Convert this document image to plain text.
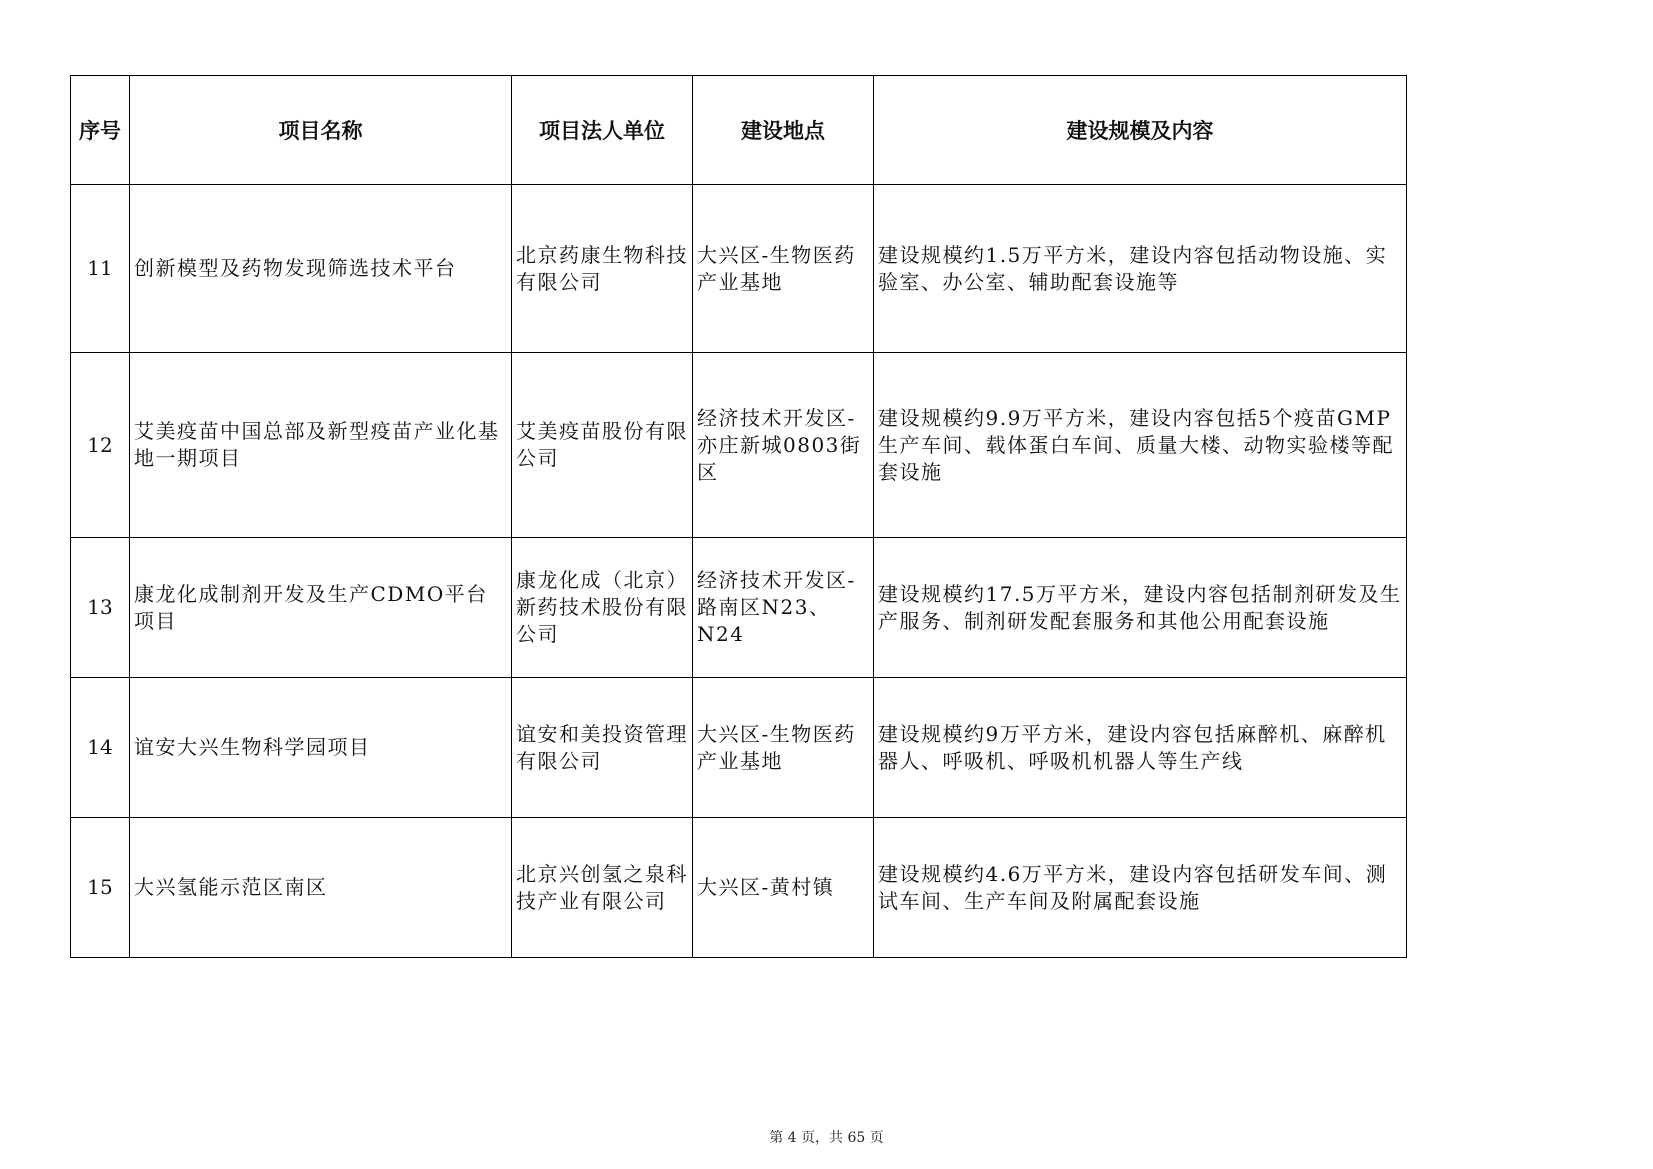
序号	项目名称	项目法人单位	建设地点	建设规模及内容
11	创新模型及药物发现筛选技术平台	北京药康生物科技有限公司	大兴区-生物医药产业基地	建设规模约1.5万平方米，建设内容包括动物设施、实验室、办公室、辅助配套设施等
12	艾美疫苗中国总部及新型疫苗产业化基地一期项目	艾美疫苗股份有限公司	经济技术开发区-亦庄新城0803街区	建设规模约9.9万平方米，建设内容包括5个疫苗GMP生产车间、载体蛋白车间、质量大楼、动物实验楼等配套设施
13	康龙化成制剂开发及生产CDMO平台项目	康龙化成（北京）新药技术股份有限公司	经济技术开发区-路南区N23、N24	建设规模约17.5万平方米，建设内容包括制剂研发及生产服务、制剂研发配套服务和其他公用配套设施
14	谊安大兴生物科学园项目	谊安和美投资管理有限公司	大兴区-生物医药产业基地	建设规模约9万平方米，建设内容包括麻醉机、麻醉机器人、呼吸机、呼吸机机器人等生产线
15	大兴氢能示范区南区	北京兴创氢之泉科技产业有限公司	大兴区-黄村镇	建设规模约4.6万平方米，建设内容包括研发车间、测试车间、生产车间及附属配套设施
第 4 页，共 65 页
